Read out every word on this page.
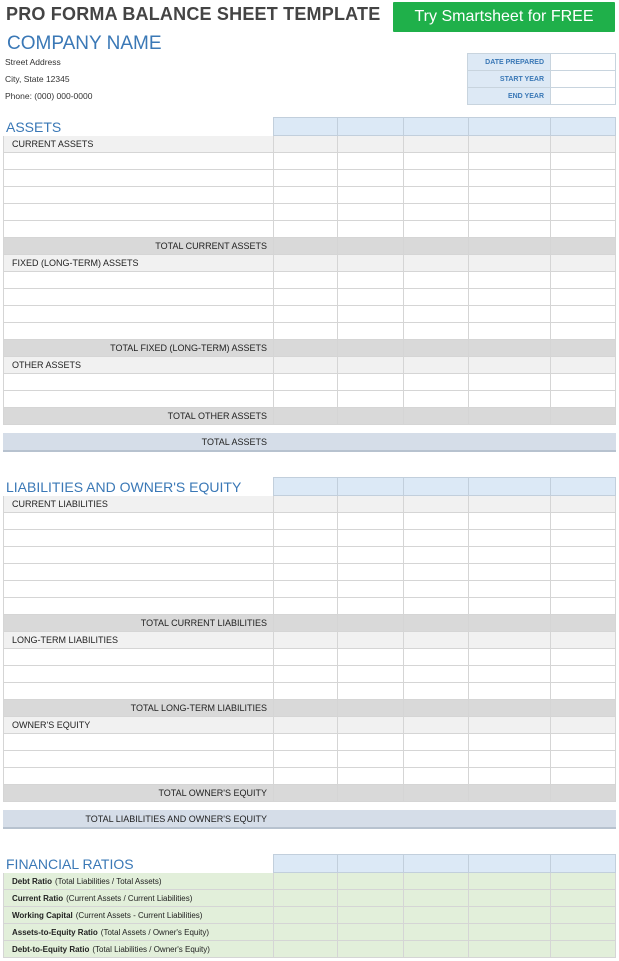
PRO FORMA BALANCE SHEET TEMPLATE	Try Smartsheet for FREE
COMPANY NAME
Street Address
City, State 12345
Phone: (000) 000-0000
DATE PREPARED	
START YEAR	
END YEAR	
ASSETS
CURRENT ASSETS
TOTAL CURRENT ASSETS
FIXED (LONG-TERM) ASSETS
TOTAL FIXED (LONG-TERM) ASSETS
OTHER ASSETS
TOTAL OTHER ASSETS
TOTAL ASSETS
LIABILITIES AND OWNER'S EQUITY
CURRENT LIABILITIES
TOTAL CURRENT LIABILITIES
LONG-TERM LIABILITIES
TOTAL LONG-TERM LIABILITIES
OWNER'S EQUITY
TOTAL OWNER'S EQUITY
TOTAL LIABILITIES AND OWNER'S EQUITY
FINANCIAL RATIOS
Debt Ratio (Total Liabilities / Total Assets)
Current Ratio (Current Assets / Current Liabilities)
Working Capital (Current Assets - Current Liabilities)
Assets-to-Equity Ratio (Total Assets / Owner's Equity)
Debt-to-Equity Ratio (Total Liabilities / Owner's Equity)
